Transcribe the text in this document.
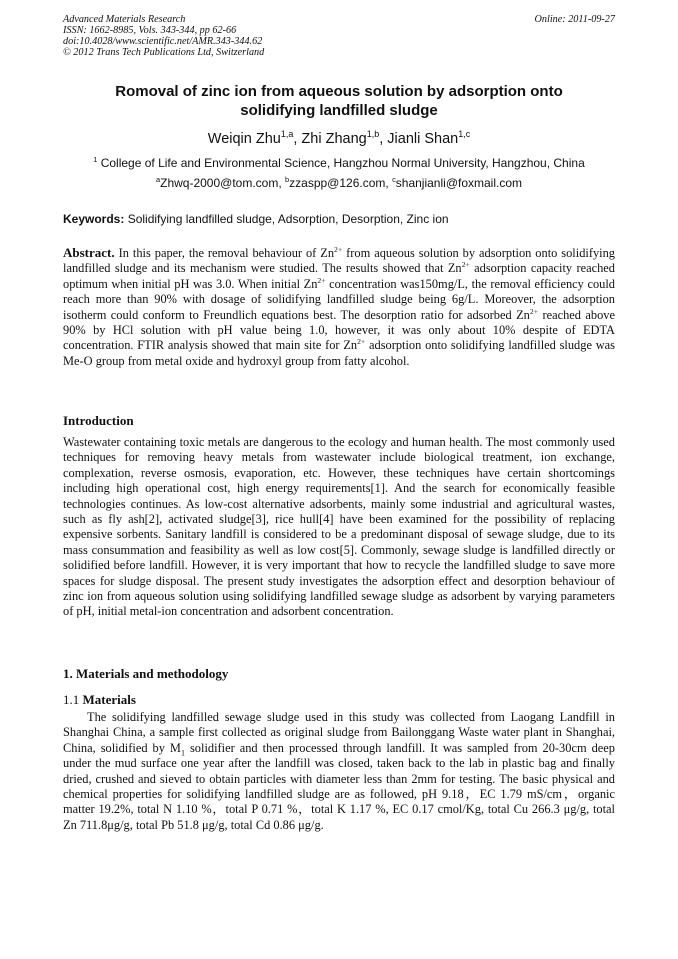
Advanced Materials Research
ISSN: 1662-8985, Vols. 343-344, pp 62-66
doi:10.4028/www.scientific.net/AMR.343-344.62
© 2012 Trans Tech Publications Ltd, Switzerland
Online: 2011-09-27
Romoval of zinc ion from aqueous solution by adsorption onto
solidifying landfilled sludge
Weiqin Zhu$^{1,a}$, Zhi Zhang$^{1,b}$, Jianli Shan$^{1,c}$
$^1$ College of Life and Environmental Science, Hangzhou Normal University, Hangzhou, China
$^a$Zhwq-2000@tom.com, $^b$zzaspp@126.com, $^c$shanjianli@foxmail.com
Keywords: Solidifying landfilled sludge, Adsorption, Desorption, Zinc ion
Abstract. In this paper, the removal behaviour of $Zn^{2+}$ from aqueous solution by adsorption onto solidifying landfilled sludge and its mechanism were studied. The results showed that $Zn^{2+}$ adsorption capacity reached optimum when initial pH was 3.0. When initial $Zn^{2+}$ concentration was150mg/L, the removal efficiency could reach more than 90% with dosage of solidifying landfilled sludge being 6g/L. Moreover, the adsorption isotherm could conform to Freundlich equations best. The desorption ratio for adsorbed $Zn^{2+}$ reached above 90% by HCl solution with pH value being 1.0, however, it was only about 10% despite of EDTA concentration. FTIR analysis showed that main site for $Zn^{2+}$ adsorption onto solidifying landfilled sludge was Me-O group from metal oxide and hydroxyl group from fatty alcohol.
Introduction
Wastewater containing toxic metals are dangerous to the ecology and human health. The most commonly used techniques for removing heavy metals from wastewater include biological treatment, ion exchange, complexation, reverse osmosis, evaporation, etc. However, these techniques have certain shortcomings including high operational cost, high energy requirements[1]. And the search for economically feasible technologies continues. As low-cost alternative adsorbents, mainly some industrial and agricultural wastes, such as fly ash[2], activated sludge[3], rice hull[4] have been examined for the possibility of replacing expensive sorbents. Sanitary landfill is considered to be a predominant disposal of sewage sludge, due to its mass consummation and feasibility as well as low cost[5]. Commonly, sewage sludge is landfilled directly or solidified before landfill. However, it is very important that how to recycle the landfilled sludge to save more spaces for sludge disposal. The present study investigates the adsorption effect and desorption behaviour of zinc ion from aqueous solution using solidifying landfilled sewage sludge as adsorbent by varying parameters of pH, initial metal-ion concentration and adsorbent concentration.
1. Materials and methodology
1.1 Materials
The solidifying landfilled sewage sludge used in this study was collected from Laogang Landfill in Shanghai China, a sample first collected as original sludge from Bailonggang Waste water plant in Shanghai, China, solidified by $M_1$ solidifier and then processed through landfill. It was sampled from 20-30cm deep under the mud surface one year after the landfill was closed, taken back to the lab in plastic bag and finally dried, crushed and sieved to obtain particles with diameter less than 2mm for testing. The basic physical and chemical properties for solidifying landfilled sludge are as followed, pH 9.18，EC 1.79 mS/cm，organic matter 19.2%, total N 1.10 %，total P 0.71 %，total K 1.17 %, EC 0.17 cmol/Kg, total Cu 266.3 μg/g, total Zn 711.8μg/g, total Pb 51.8 μg/g, total Cd 0.86 μg/g.
